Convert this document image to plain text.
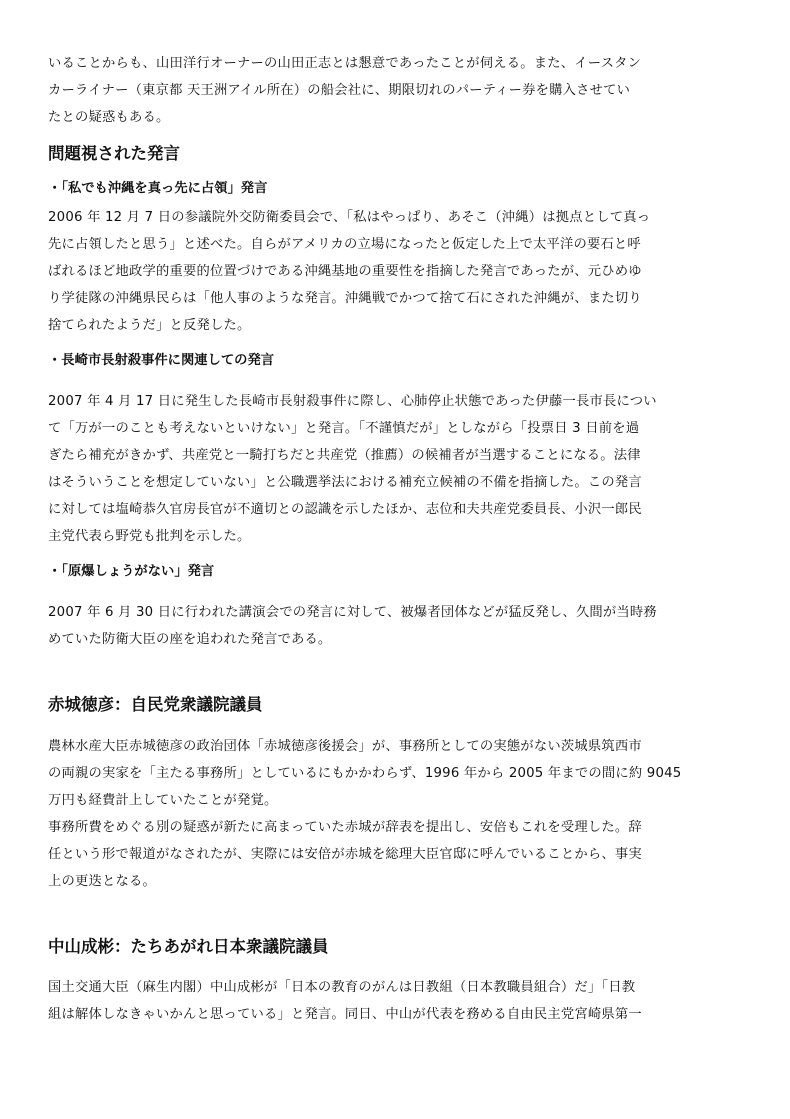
いることからも、山田洋行オーナーの山田正志とは懇意であったことが伺える。また、イースタン
カーライナー（東京都 天王洲アイル所在）の船会社に、期限切れのパーティー券を購入させてい
たとの疑惑もある。

問題視された発言
・「私でも沖縄を真っ先に占領」発言

2006 年 12 月 7 日の参議院外交防衛委員会で、「私はやっぱり、あそこ（沖縄）は拠点として真っ
先に占領したと思う」と述べた。自らがアメリカの立場になったと仮定した上で太平洋の要石と呼
ばれるほど地政学的重要的位置づけである沖縄基地の重要性を指摘した発言であったが、元ひめゆ
り学徒隊の沖縄県民らは「他人事のような発言。沖縄戦でかつて捨て石にされた沖縄が、また切り
捨てられたようだ」と反発した。

・長崎市長射殺事件に関連しての発言

2007 年 4 月 17 日に発生した長崎市長射殺事件に際し、心肺停止状態であった伊藤一長市長につい
て「万が一のことも考えないといけない」と発言。「不謹慎だが」としながら「投票日 3 日前を過
ぎたら補充がきかず、共産党と一騎打ちだと共産党（推薦）の候補者が当選することになる。法律
はそういうことを想定していない」と公職選挙法における補充立候補の不備を指摘した。この発言
に対しては塩崎恭久官房長官が不適切との認識を示したほか、志位和夫共産党委員長、小沢一郎民
主党代表ら野党も批判を示した。

・「原爆しょうがない」発言

2007 年 6 月 30 日に行われた講演会での発言に対して、被爆者団体などが猛反発し、久間が当時務
めていた防衛大臣の座を追われた発言である。

赤城徳彦：自民党衆議院議員

農林水産大臣赤城徳彦の政治団体「赤城徳彦後援会」が、事務所としての実態がない茨城県筑西市
の両親の実家を「主たる事務所」としているにもかかわらず、1996 年から 2005 年までの間に約 9045
万円も経費計上していたことが発覚。
事務所費をめぐる別の疑惑が新たに高まっていた赤城が辞表を提出し、安倍もこれを受理した。辞
任という形で報道がなされたが、実際には安倍が赤城を総理大臣官邸に呼んでいることから、事実
上の更迭となる。

中山成彬：たちあがれ日本衆議院議員

国土交通大臣（麻生内閣）中山成彬が「日本の教育のがんは日教組（日本教職員組合）だ」「日教
組は解体しなきゃいかんと思っている」と発言。同日、中山が代表を務める自由民主党宮崎県第一
